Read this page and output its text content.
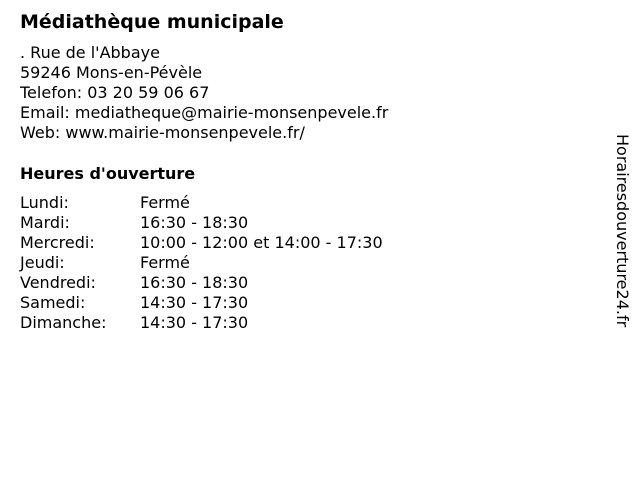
Médiathèque municipale
. Rue de l'Abbaye
59246 Mons-en-Pévèle
Telefon: 03 20 59 06 67
Email: mediatheque@mairie-monsenpevele.fr
Web: www.mairie-monsenpevele.fr/
Heures d'ouverture
Lundi:	Fermé
Mardi:	16:30 - 18:30
Mercredi:	10:00 - 12:00 et 14:00 - 17:30
Jeudi:	Fermé
Vendredi:	16:30 - 18:30
Samedi:	14:30 - 17:30
Dimanche:	14:30 - 17:30	Horairesdouverture24.fr
